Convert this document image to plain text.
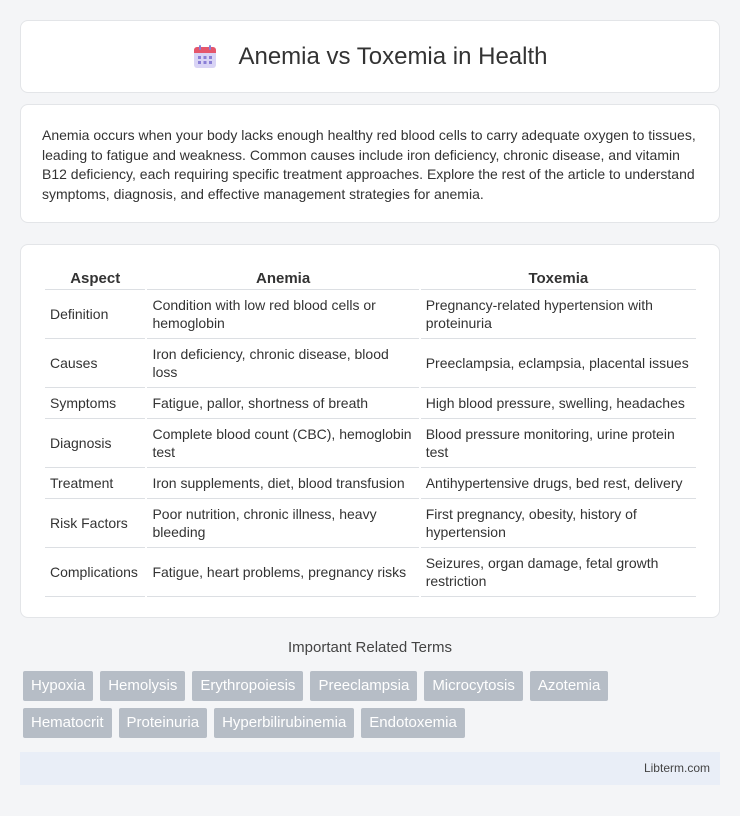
Anemia vs Toxemia in Health

Anemia occurs when your body lacks enough healthy red blood cells to carry adequate oxygen to tissues, leading to fatigue and weakness. Common causes include iron deficiency, chronic disease, and vitamin B12 deficiency, each requiring specific treatment approaches. Explore the rest of the article to understand symptoms, diagnosis, and effective management strategies for anemia.

Aspect	Anemia	Toxemia
Definition	Condition with low red blood cells or hemoglobin	Pregnancy-related hypertension with proteinuria
Causes	Iron deficiency, chronic disease, blood loss	Preeclampsia, eclampsia, placental issues
Symptoms	Fatigue, pallor, shortness of breath	High blood pressure, swelling, headaches
Diagnosis	Complete blood count (CBC), hemoglobin test	Blood pressure monitoring, urine protein test
Treatment	Iron supplements, diet, blood transfusion	Antihypertensive drugs, bed rest, delivery
Risk Factors	Poor nutrition, chronic illness, heavy bleeding	First pregnancy, obesity, history of hypertension
Complications	Fatigue, heart problems, pregnancy risks	Seizures, organ damage, fetal growth restriction
Important Related Terms
Hypoxia	Hemolysis	Erythropoiesis	Preeclampsia	Microcytosis	Azotemia
Hematocrit	Proteinuria	Hyperbilirubinemia	Endotoxemia
Libterm.com
